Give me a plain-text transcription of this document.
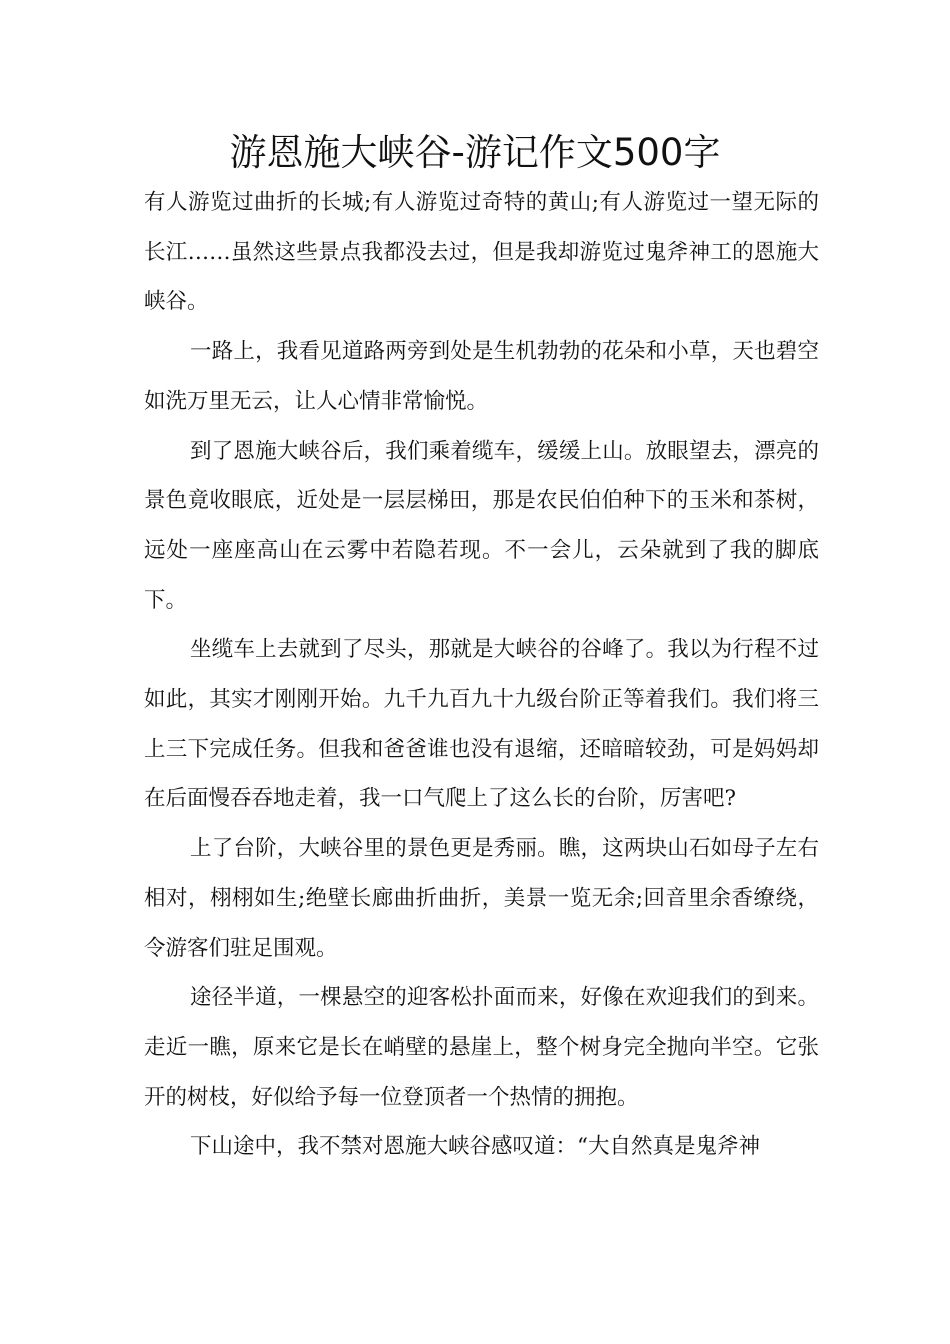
游恩施大峡谷-游记作文500字

有人游览过曲折的长城;有人游览过奇特的黄山;有人游览过一望无际的长江……虽然这些景点我都没去过，但是我却游览过鬼斧神工的恩施大峡谷。

一路上，我看见道路两旁到处是生机勃勃的花朵和小草，天也碧空如洗万里无云，让人心情非常愉悦。

到了恩施大峡谷后，我们乘着缆车，缓缓上山。放眼望去，漂亮的景色竟收眼底，近处是一层层梯田，那是农民伯伯种下的玉米和茶树，远处一座座高山在云雾中若隐若现。不一会儿，云朵就到了我的脚底下。

坐缆车上去就到了尽头，那就是大峡谷的谷峰了。我以为行程不过如此，其实才刚刚开始。九千九百九十九级台阶正等着我们。我们将三上三下完成任务。但我和爸爸谁也没有退缩，还暗暗较劲，可是妈妈却在后面慢吞吞地走着，我一口气爬上了这么长的台阶，厉害吧?

上了台阶，大峡谷里的景色更是秀丽。瞧，这两块山石如母子左右相对，栩栩如生;绝壁长廊曲折曲折，美景一览无余;回音里余香缭绕，令游客们驻足围观。

途径半道，一棵悬空的迎客松扑面而来，好像在欢迎我们的到来。走近一瞧，原来它是长在峭壁的悬崖上，整个树身完全抛向半空。它张开的树枝，好似给予每一位登顶者一个热情的拥抱。

下山途中，我不禁对恩施大峡谷感叹道：“大自然真是鬼斧神
